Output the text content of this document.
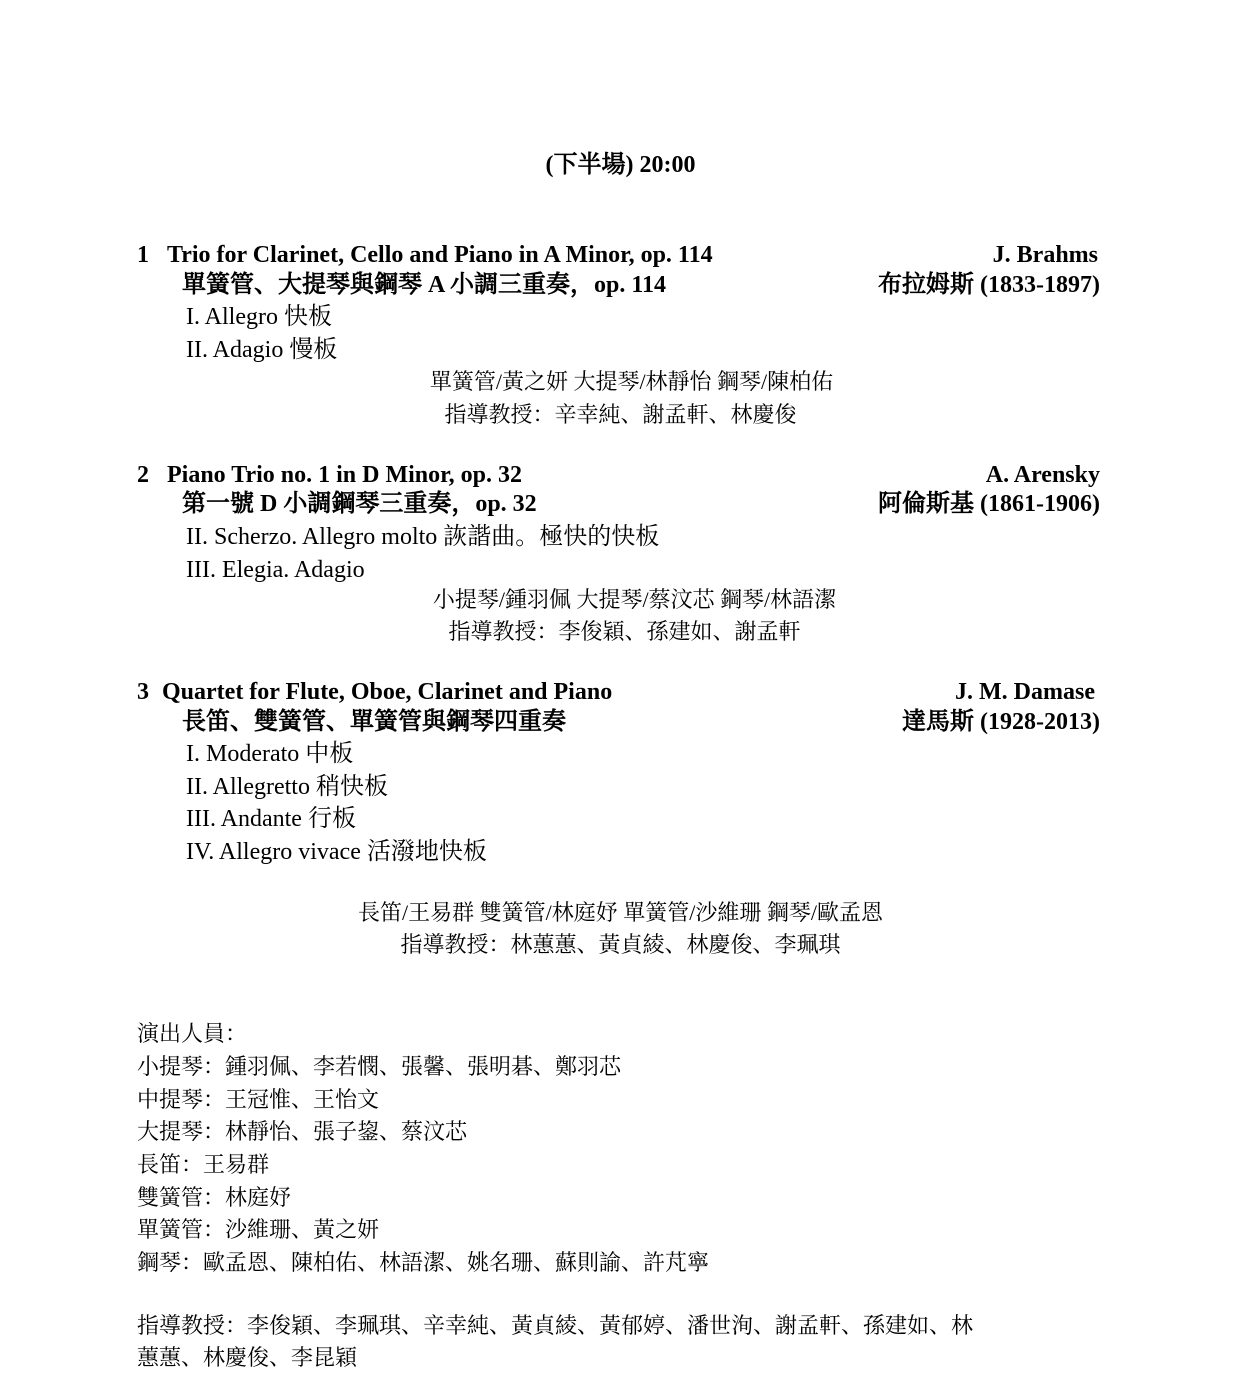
(下半場) 20:00
1 Trio for Clarinet, Cello and Piano in A Minor, op. 114	J. Brahms
單簧管、大提琴與鋼琴 A 小調三重奏，op. 114	布拉姆斯 (1833-1897)
I. Allegro 快板
II. Adagio 慢板
單簧管/黃之妍 大提琴/林靜怡 鋼琴/陳柏佑
指導教授：辛幸純、謝孟軒、林慶俊
2 Piano Trio no. 1 in D Minor, op. 32	A. Arensky
第一號 D 小調鋼琴三重奏，op. 32	阿倫斯基 (1861-1906)
II. Scherzo. Allegro molto 詼諧曲。極快的快板
III. Elegia. Adagio
小提琴/鍾羽佩 大提琴/蔡汶芯 鋼琴/林語潔
指導教授：李俊穎、孫建如、謝孟軒
3 Quartet for Flute, Oboe, Clarinet and Piano	J. M. Damase
長笛、雙簧管、單簧管與鋼琴四重奏	達馬斯 (1928-2013)
I. Moderato 中板
II. Allegretto 稍快板
III. Andante 行板
IV. Allegro vivace 活潑地快板
長笛/王易群 雙簧管/林庭妤 單簧管/沙維珊 鋼琴/歐孟恩
指導教授：林蕙蕙、黃貞綾、林慶俊、李珮琪
演出人員：
小提琴：鍾羽佩、李若憫、張馨、張明碁、鄭羽芯
中提琴：王冠惟、王怡文
大提琴：林靜怡、張子鋆、蔡汶芯
長笛：王易群
雙簧管：林庭妤
單簧管：沙維珊、黃之妍
鋼琴：歐孟恩、陳柏佑、林語潔、姚名珊、蘇則諭、許芃寧
指導教授：李俊穎、李珮琪、辛幸純、黃貞綾、黃郁婷、潘世洵、謝孟軒、孫建如、林
蕙蕙、林慶俊、李昆穎
